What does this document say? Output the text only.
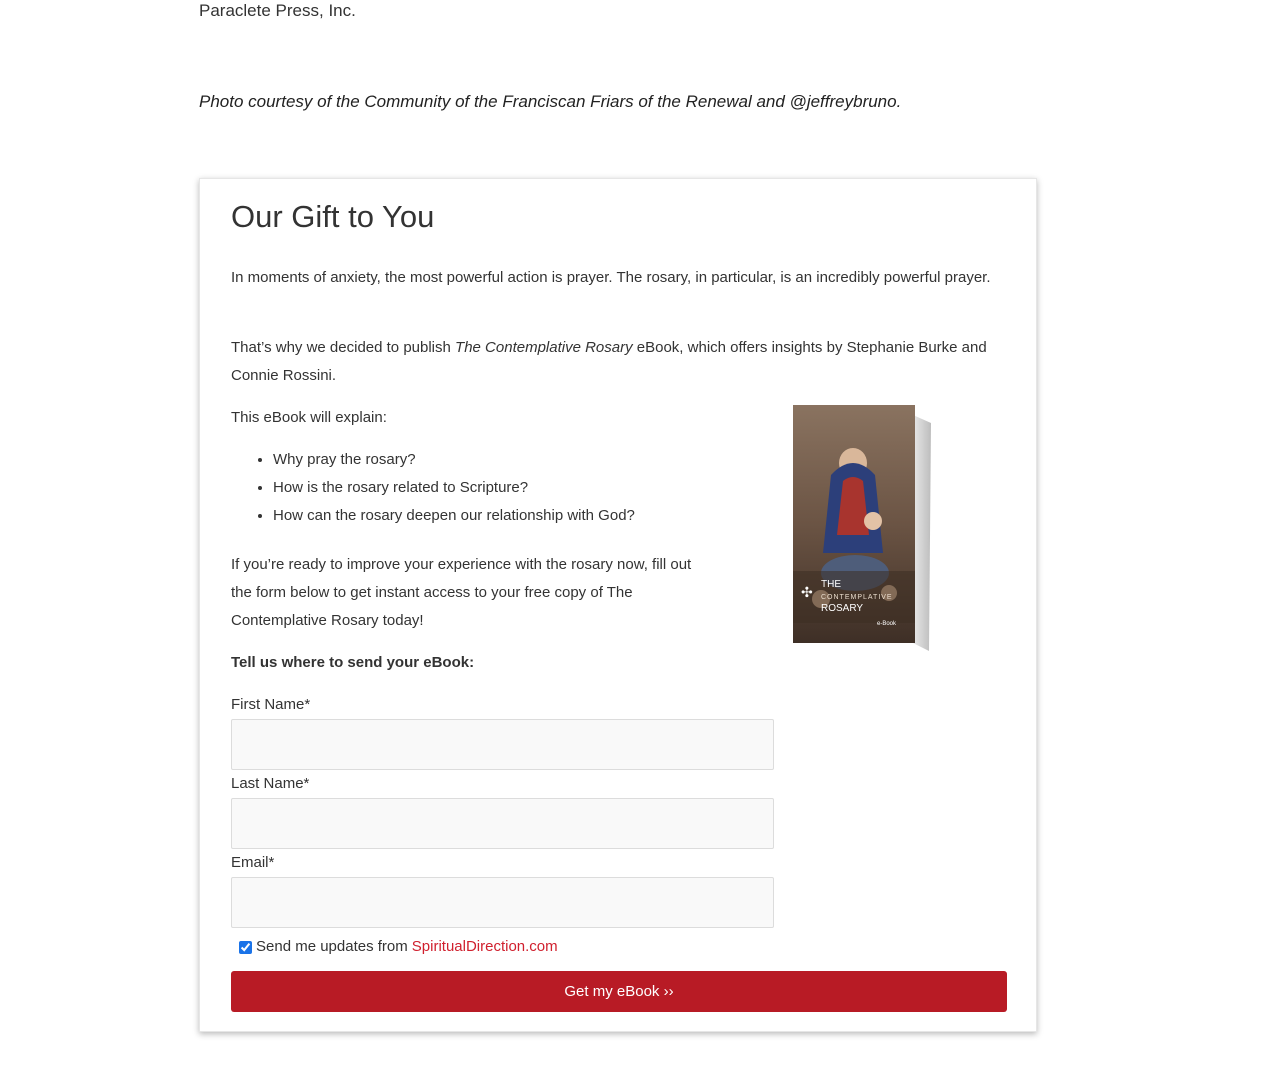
Paraclete Press, Inc.
Photo courtesy of the Community of the Franciscan Friars of the Renewal and @jeffreybruno.
Our Gift to You

In moments of anxiety, the most powerful action is prayer. The rosary, in particular, is an incredibly powerful prayer.

That’s why we decided to publish The Contemplative Rosary eBook, which offers insights by Stephanie Burke and Connie Rossini.

This eBook will explain:

• Why pray the rosary?
• How is the rosary related to Scripture?
• How can the rosary deepen our relationship with God?

If you’re ready to improve your experience with the rosary now, fill out the form below to get instant access to your free copy of The Contemplative Rosary today!

Tell us where to send your eBook:

✣ THE
CONTEMPLATIVE
ROSARY
e-Book
First Name*
Last Name*
Email*
Send me updates from SpiritualDirection.com
Get my eBook ››
